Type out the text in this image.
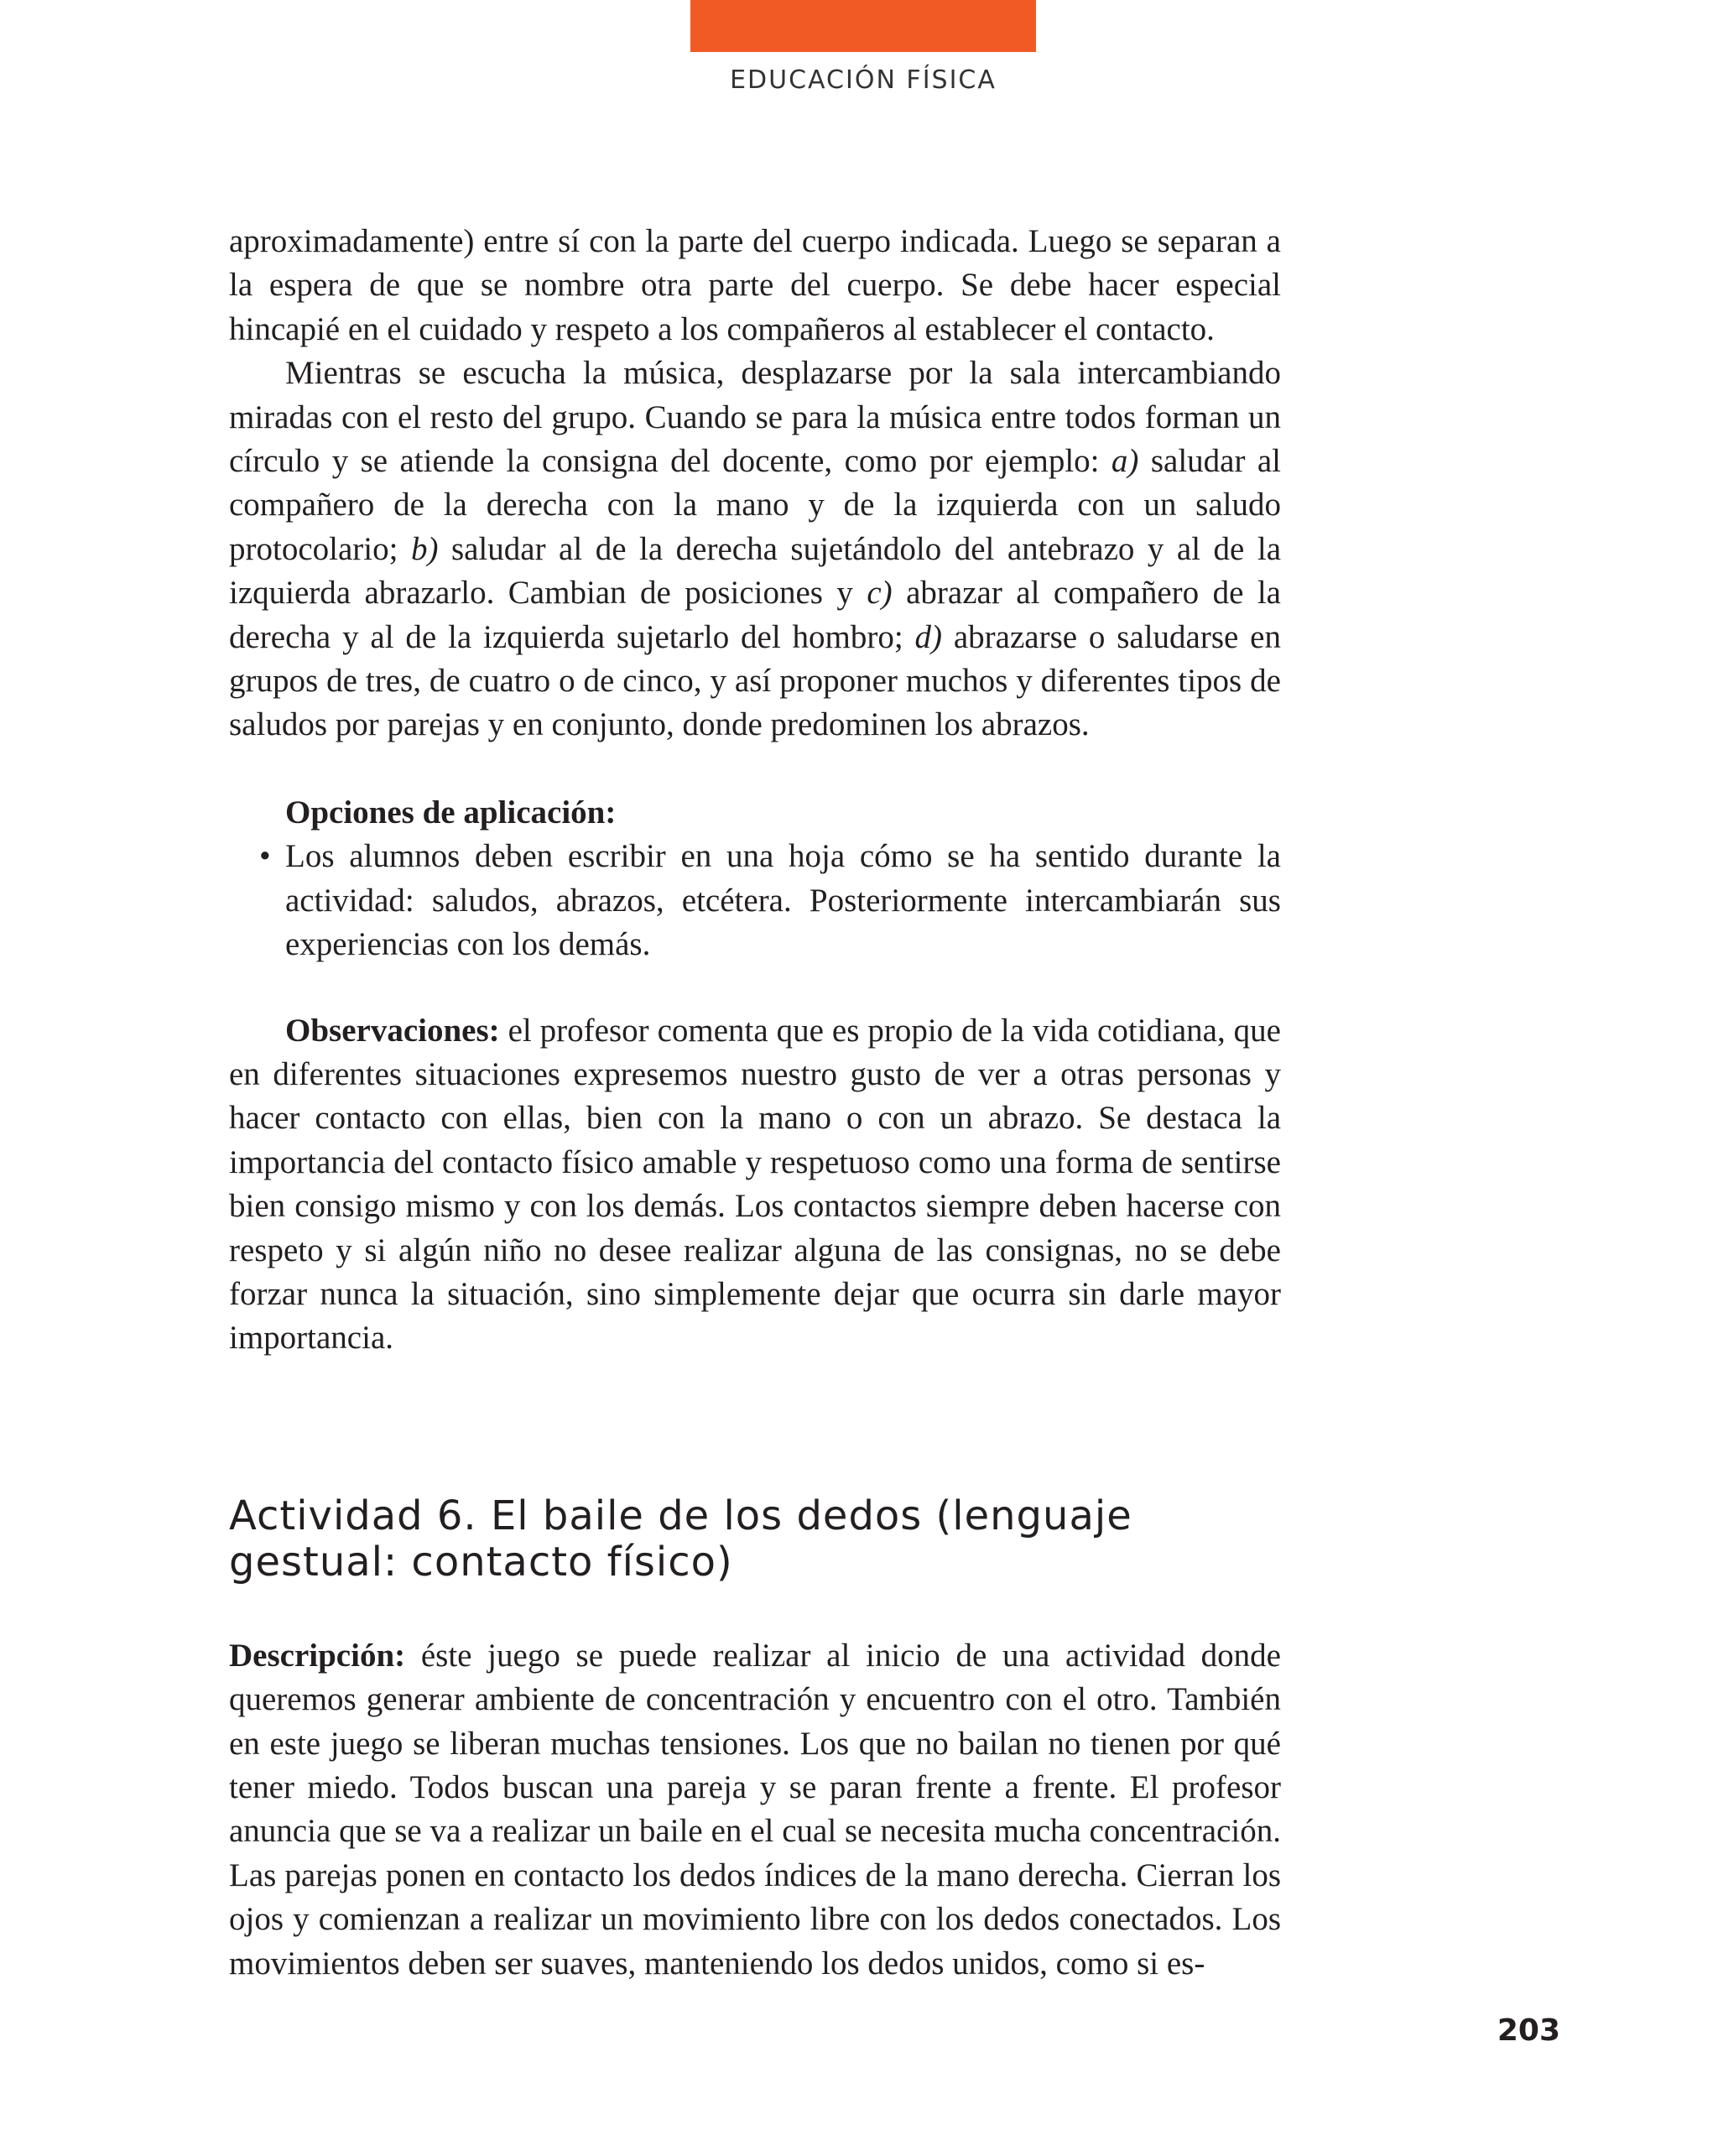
EDUCACIÓN FÍSICA

aproximadamente) entre sí con la parte del cuerpo indicada. Luego se separan a la espera de que se nombre otra parte del cuerpo. Se debe hacer especial hincapié en el cuidado y respeto a los compañeros al establecer el contacto.

Mientras se escucha la música, desplazarse por la sala intercambiando miradas con el resto del grupo. Cuando se para la música entre todos forman un círculo y se atiende la consigna del docente, como por ejemplo: a) saludar al compañero de la derecha con la mano y de la izquierda con un saludo protocolario; b) saludar al de la derecha sujetándolo del antebrazo y al de la izquierda abrazarlo. Cambian de posiciones y c) abrazar al compañero de la derecha y al de la izquierda sujetarlo del hombro; d) abrazarse o saludarse en grupos de tres, de cuatro o de cinco, y así proponer muchos y diferentes tipos de saludos por parejas y en conjunto, donde predominen los abrazos.

Opciones de aplicación:

• Los alumnos deben escribir en una hoja cómo se ha sentido durante la actividad: saludos, abrazos, etcétera. Posteriormente intercambiarán sus experiencias con los demás.

Observaciones: el profesor comenta que es propio de la vida cotidiana, que en diferentes situaciones expresemos nuestro gusto de ver a otras personas y hacer contacto con ellas, bien con la mano o con un abrazo. Se destaca la importancia del contacto físico amable y respetuoso como una forma de sentirse bien consigo mismo y con los demás. Los contactos siempre deben hacerse con respeto y si algún niño no desee realizar alguna de las consignas, no se debe forzar nunca la situación, sino simplemente dejar que ocurra sin darle mayor importancia.

Actividad 6. El baile de los dedos (lenguaje gestual: contacto físico)

Descripción: éste juego se puede realizar al inicio de una actividad donde queremos generar ambiente de concentración y encuentro con el otro. También en este juego se liberan muchas tensiones. Los que no bailan no tienen por qué tener miedo. Todos buscan una pareja y se paran frente a frente. El profesor anuncia que se va a realizar un baile en el cual se necesita mucha concentración. Las parejas ponen en contacto los dedos índices de la mano derecha. Cierran los ojos y comienzan a realizar un movimiento libre con los dedos conectados. Los movimientos deben ser suaves, manteniendo los dedos unidos, como si es-

203
